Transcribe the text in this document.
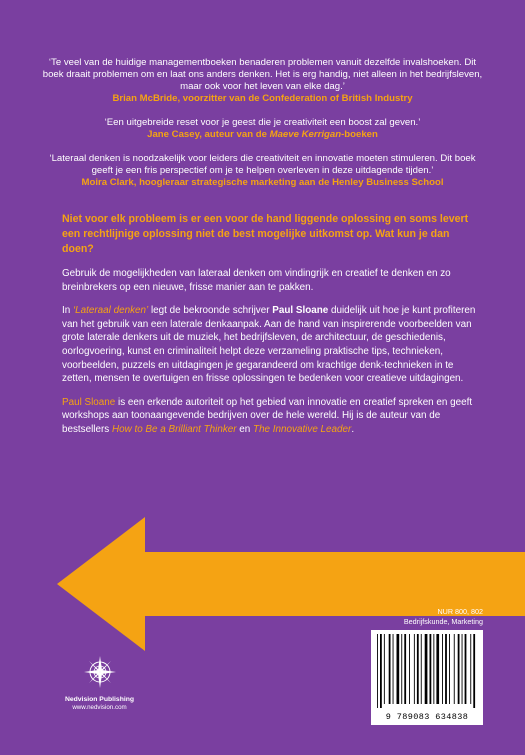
‘Te veel van de huidige managementboeken benaderen problemen vanuit dezelfde invalshoeken. Dit boek draait problemen om en laat ons anders denken. Het is erg handig, niet alleen in het bedrijfsleven, maar ook voor het leven van elke dag.’

Brian McBride, voorzitter van de Confederation of British Industry

‘Een uitgebreide reset voor je geest die je creativiteit een boost zal geven.’

Jane Casey, auteur van de Maeve Kerrigan-boeken

‘Lateraal denken is noodzakelijk voor leiders die creativiteit en innovatie moeten stimuleren. Dit boek geeft je een fris perspectief om je te helpen overleven in deze uitdagende tijden.’

Moira Clark, hoogleraar strategische marketing aan de Henley Business School

Niet voor elk probleem is er een voor de hand liggende oplossing en soms levert een rechtlijnige oplossing niet de best mogelijke uitkomst op. Wat kun je dan doen?

Gebruik de mogelijkheden van lateraal denken om vindingrijk en creatief te denken en zo breinbrekers op een nieuwe, frisse manier aan te pakken.

In ‘Lateraal denken’ legt de bekroonde schrijver Paul Sloane duidelijk uit hoe je kunt profiteren van het gebruik van een laterale denkaanpak. Aan de hand van inspirerende voorbeelden van grote laterale denkers uit de muziek, het bedrijfsleven, de architectuur, de geschiedenis, oorlogvoering, kunst en criminaliteit helpt deze verzameling praktische tips, technieken, voorbeelden, puzzels en uitdagingen je gegarandeerd om krachtige denk-technieken in te zetten, mensen te overtuigen en frisse oplossingen te bedenken voor creatieve uitdagingen.

Paul Sloane is een erkende autoriteit op het gebied van innovatie en creatief spreken en geeft workshops aan toonaangevende bedrijven over de hele wereld. Hij is de auteur van de bestsellers How to Be a Brilliant Thinker en The Innovative Leader.

NUR 800, 802
Bedrijfskunde, Marketing
Nedvision Publishing
www.nedvision.com
9 789083 634838
